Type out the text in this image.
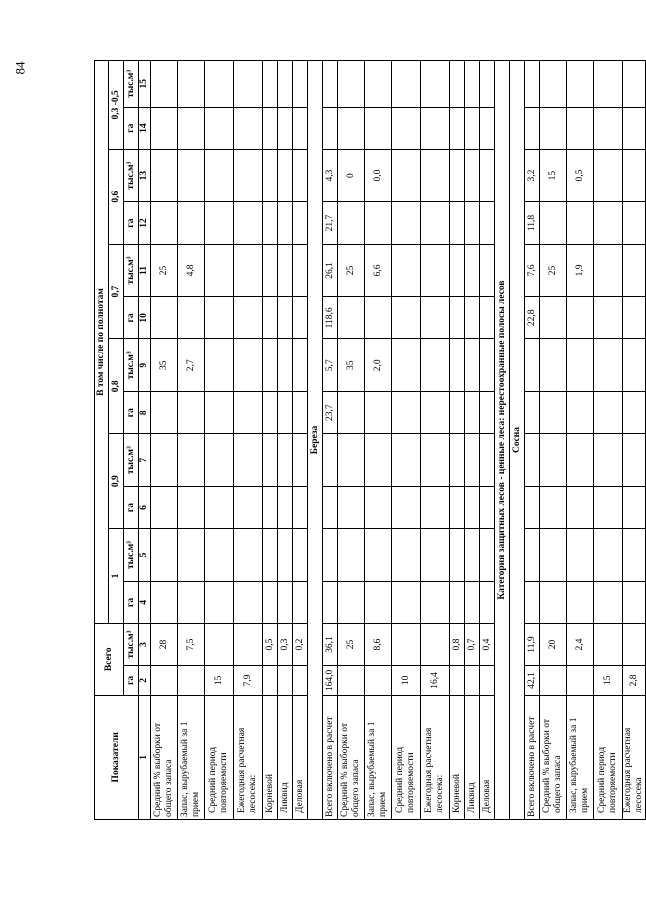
84
Показатели	Всего		В том числе по полнотам											
			1		0,9		0,8		0,7		0,6		0,3 -0,5	
	га	тыс.м³	га	тыс.м³	га	тыс.м³	га	тыс.м³	га	тыс.м³	га	тыс.м³	га	тыс.м³
1	2	3	4	5	6	7	8	9	10	11	12	13	14	15
Средний % выборки от общего запаса		28						35		25				
Запас, вырубаемый за 1 прием		7,5						2,7		4,8				
Средний период повторяемости	15													
Ежегодная расчетная лесосека:	7,9													
Корневой		0,5												
Ликвид		0,3												
Деловая		0,2												
Береза														
Всего включено в расчет	164,0	36,1					23,7	5,7	118,6	26,1	21,7	4,3		
Средний % выборки от общего запаса		25						35		25		0		
Запас, вырубаемый за 1 прием		8,6						2,0		6,6		0,0		
Средний период повторяемости	10													
Ежегодная расчетная лесосека:	16,4													
Корневой		0,8												
Ликвид		0,7												
Деловая		0,4												
Категория защитных лесов - ценные леса: нерестоохранные полосы лесов														
Сосна														
Всего включено в расчет	42,1	11,9							22,8	7,6	11,8	3,2		
Средний % выборки от общего запаса		20								25		15		
Запас, вырубаемый за 1 прием		2,4								1,9		0,5		
Средний период повторяемости	15													
Ежегодная расчетная лесосека	2,8													
